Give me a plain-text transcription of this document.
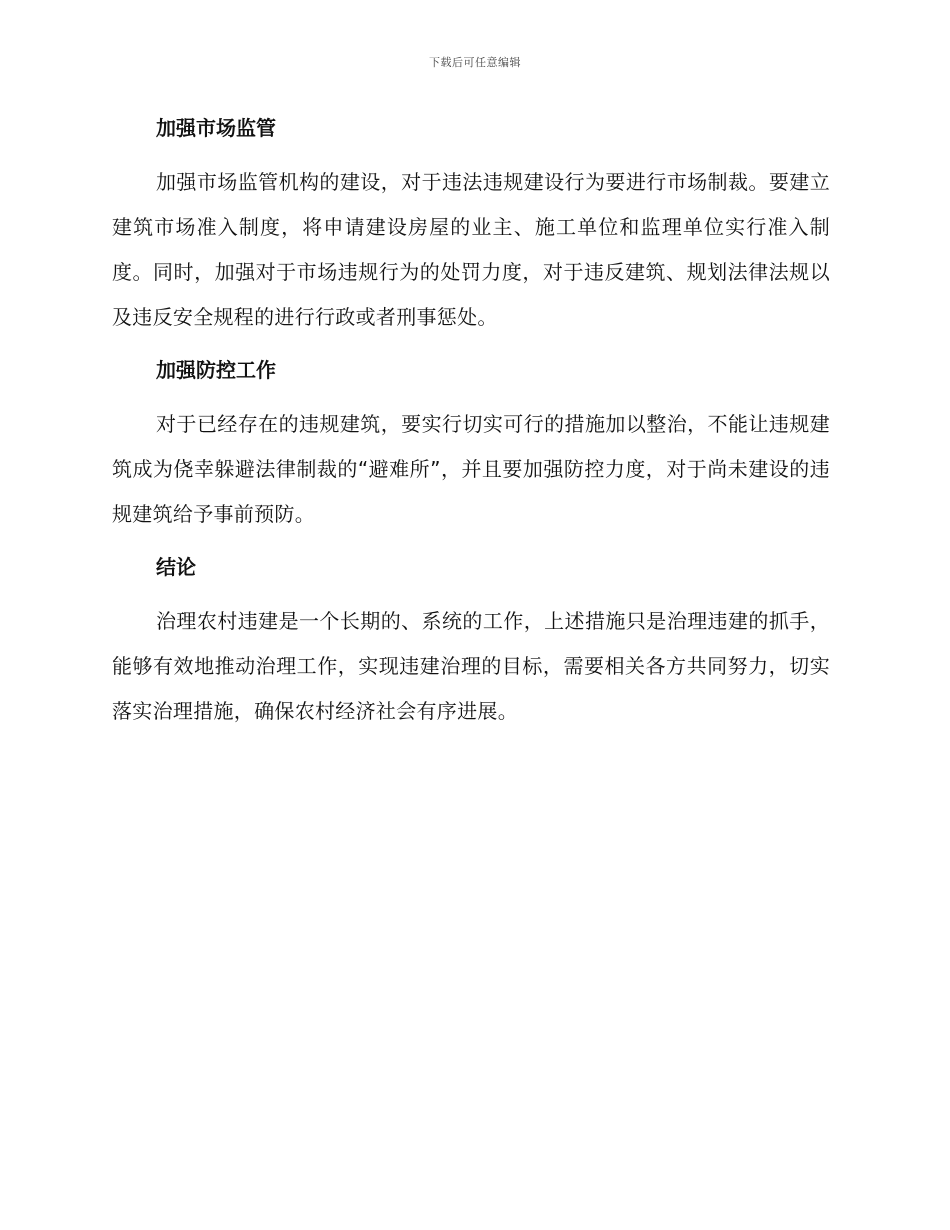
下载后可任意编辑
加强市场监管

加强市场监管机构的建设，对于违法违规建设行为要进行市场制裁。要建立建筑市场准入制度，将申请建设房屋的业主、施工单位和监理单位实行准入制度。同时，加强对于市场违规行为的处罚力度，对于违反建筑、规划法律法规以及违反安全规程的进行行政或者刑事惩处。

加强防控工作

对于已经存在的违规建筑，要实行切实可行的措施加以整治，不能让违规建筑成为侥幸躲避法律制裁的“避难所”，并且要加强防控力度，对于尚未建设的违规建筑给予事前预防。

结论

治理农村违建是一个长期的、系统的工作，上述措施只是治理违建的抓手，能够有效地推动治理工作，实现违建治理的目标，需要相关各方共同努力，切实落实治理措施，确保农村经济社会有序进展。
